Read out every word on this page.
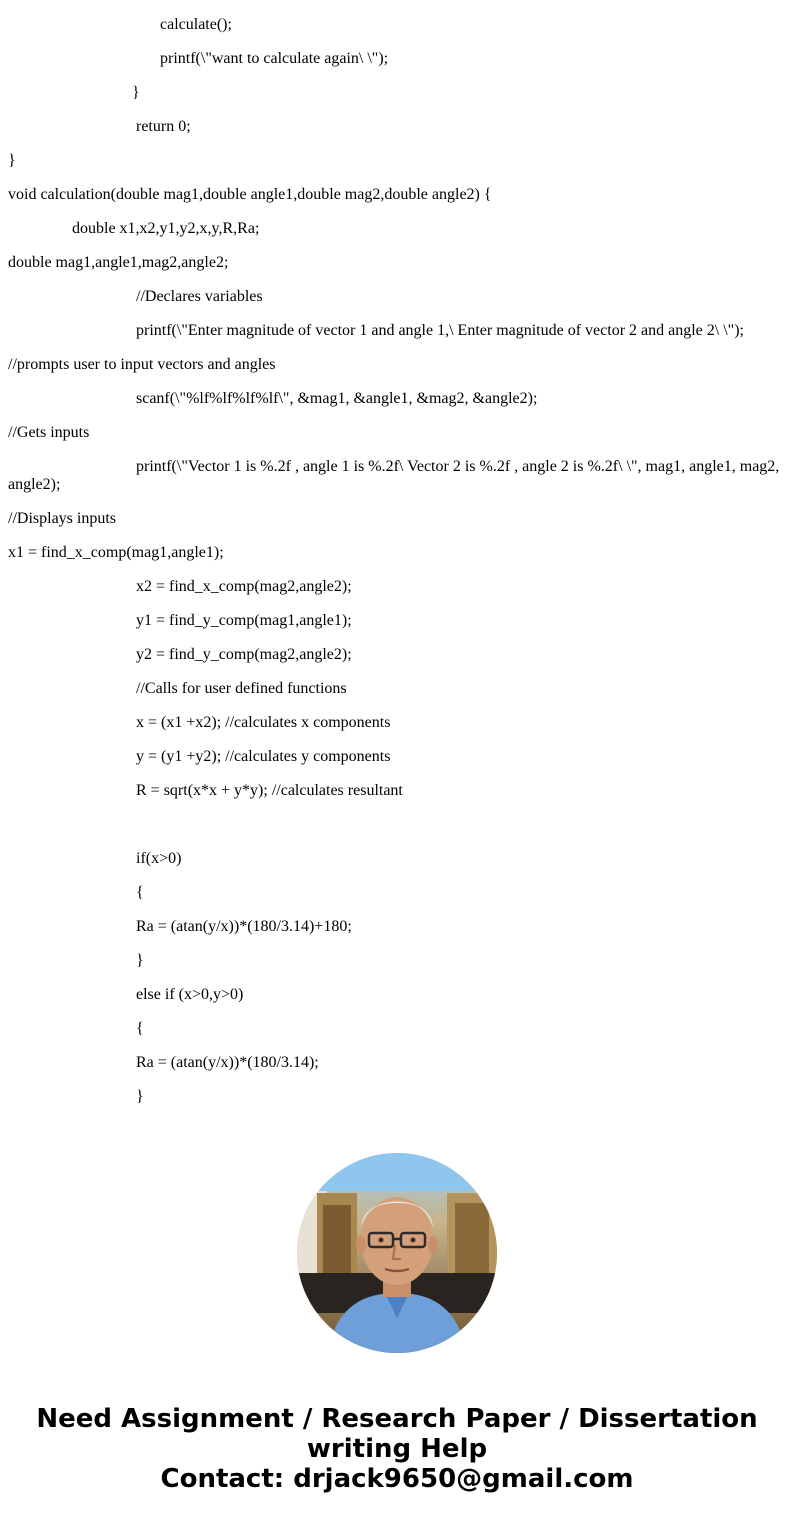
calculate();
printf(\"want to calculate again\ \");
}
return 0;
}
void calculation(double mag1,double angle1,double mag2,double angle2) {
double x1,x2,y1,y2,x,y,R,Ra;
double mag1,angle1,mag2,angle2;
//Declares variables
printf(\"Enter magnitude of vector 1 and angle 1,\ Enter magnitude of vector 2 and angle 2\ \");
//prompts user to input vectors and angles
scanf(\"%lf%lf%lf%lf\", &mag1, &angle1, &mag2, &angle2);
//Gets inputs
printf(\"Vector 1 is %.2f , angle 1 is %.2f\ Vector 2 is %.2f , angle 2 is %.2f\ \", mag1, angle1, mag2, angle2);
//Displays inputs
x1 = find_x_comp(mag1,angle1);
x2 = find_x_comp(mag2,angle2);
y1 = find_y_comp(mag1,angle1);
y2 = find_y_comp(mag2,angle2);
//Calls for user defined functions
x = (x1 +x2); //calculates x components
y = (y1 +y2); //calculates y components
R = sqrt(x*x + y*y); //calculates resultant
if(x>0)
{
Ra = (atan(y/x))*(180/3.14)+180;
}
else if (x>0,y>0)
{
Ra = (atan(y/x))*(180/3.14);
}
Need Assignment / Research Paper / Dissertation
writing Help
Contact: drjack9650@gmail.com
